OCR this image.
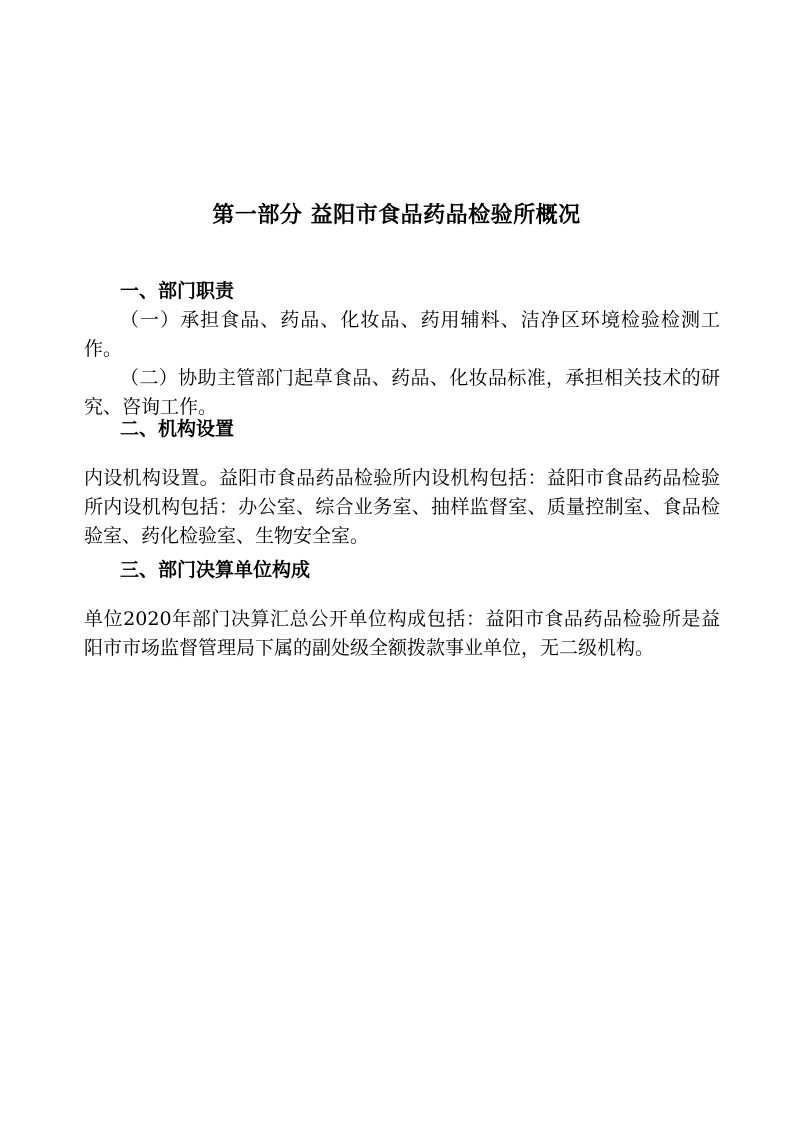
第一部分 益阳市食品药品检验所概况
一、部门职责
（一）承担食品、药品、化妆品、药用辅料、洁净区环境检验检测工作。
（二）协助主管部门起草食品、药品、化妆品标准，承担相关技术的研究、咨询工作。
二、机构设置
内设机构设置。益阳市食品药品检验所内设机构包括：益阳市食品药品检验所内设机构包括：办公室、综合业务室、抽样监督室、质量控制室、食品检验室、药化检验室、生物安全室。
三、部门决算单位构成
单位2020年部门决算汇总公开单位构成包括：益阳市食品药品检验所是益阳市市场监督管理局下属的副处级全额拨款事业单位，无二级机构。
